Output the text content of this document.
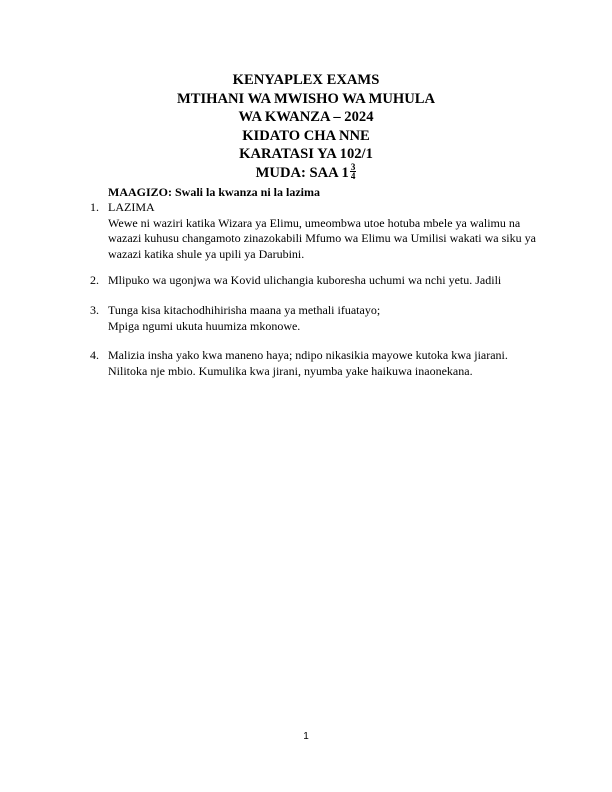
KENYAPLEX EXAMS
MTIHANI WA MWISHO WA MUHULA
WA KWANZA – 2024
KIDATO CHA NNE
KARATASI YA 102/1
MUDA: SAA $1 \frac{3}{4}$
MAAGIZO: Swali la kwanza ni la lazima
1. LAZIMA
Wewe ni waziri katika Wizara ya Elimu, umeombwa utoe hotuba mbele ya walimu na
wazazi kuhusu changamoto zinazokabili Mfumo wa Elimu wa Umilisi wakati wa siku ya
wazazi katika shule ya upili ya Darubini.
2. Mlipuko wa ugonjwa wa Kovid ulichangia kuboresha uchumi wa nchi yetu. Jadili
3. Tunga kisa kitachodhihirisha maana ya methali ifuatayo;
Mpiga ngumi ukuta huumiza mkonowe.
4. Malizia insha yako kwa maneno haya; ndipo nikasikia mayowe kutoka kwa jiarani.
Nilitoka nje mbio. Kumulika kwa jirani, nyumba yake haikuwa inaonekana.
1
